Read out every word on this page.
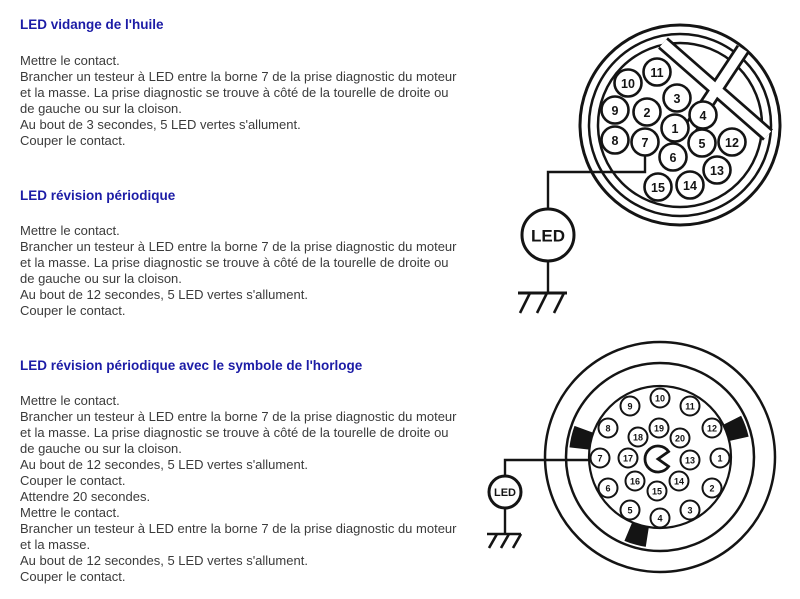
LED vidange de l'huile
Mettre le contact.
Brancher un testeur à LED entre la borne 7 de la prise diagnostic du moteur
et la masse. La prise diagnostic se trouve à côté de la tourelle de droite ou
de gauche ou sur la cloison.
Au bout de 3 secondes, 5 LED vertes s'allument.
Couper le contact.
LED révision périodique
Mettre le contact.
Brancher un testeur à LED entre la borne 7 de la prise diagnostic du moteur
et la masse. La prise diagnostic se trouve à côté de la tourelle de droite ou
de gauche ou sur la cloison.
Au bout de 12 secondes, 5 LED vertes s'allument.
Couper le contact.
LED révision périodique avec le symbole de l'horloge
Mettre le contact.
Brancher un testeur à LED entre la borne 7 de la prise diagnostic du moteur
et la masse. La prise diagnostic se trouve à côté de la tourelle de droite ou
de gauche ou sur la cloison.
Au bout de 12 secondes, 5 LED vertes s'allument.
Couper le contact.
Attendre 20 secondes.
Mettre le contact.
Brancher un testeur à LED entre la borne 7 de la prise diagnostic du moteur
et la masse.
Au bout de 12 secondes, 5 LED vertes s'allument.
Couper le contact.
LED
1
2
3
4
5
6
7
8
9
10
11
12
13
14
15
LED
1
2
3
4
5
6
7
8
9
10
11
12
13
14
15
16
17
18
19
20
